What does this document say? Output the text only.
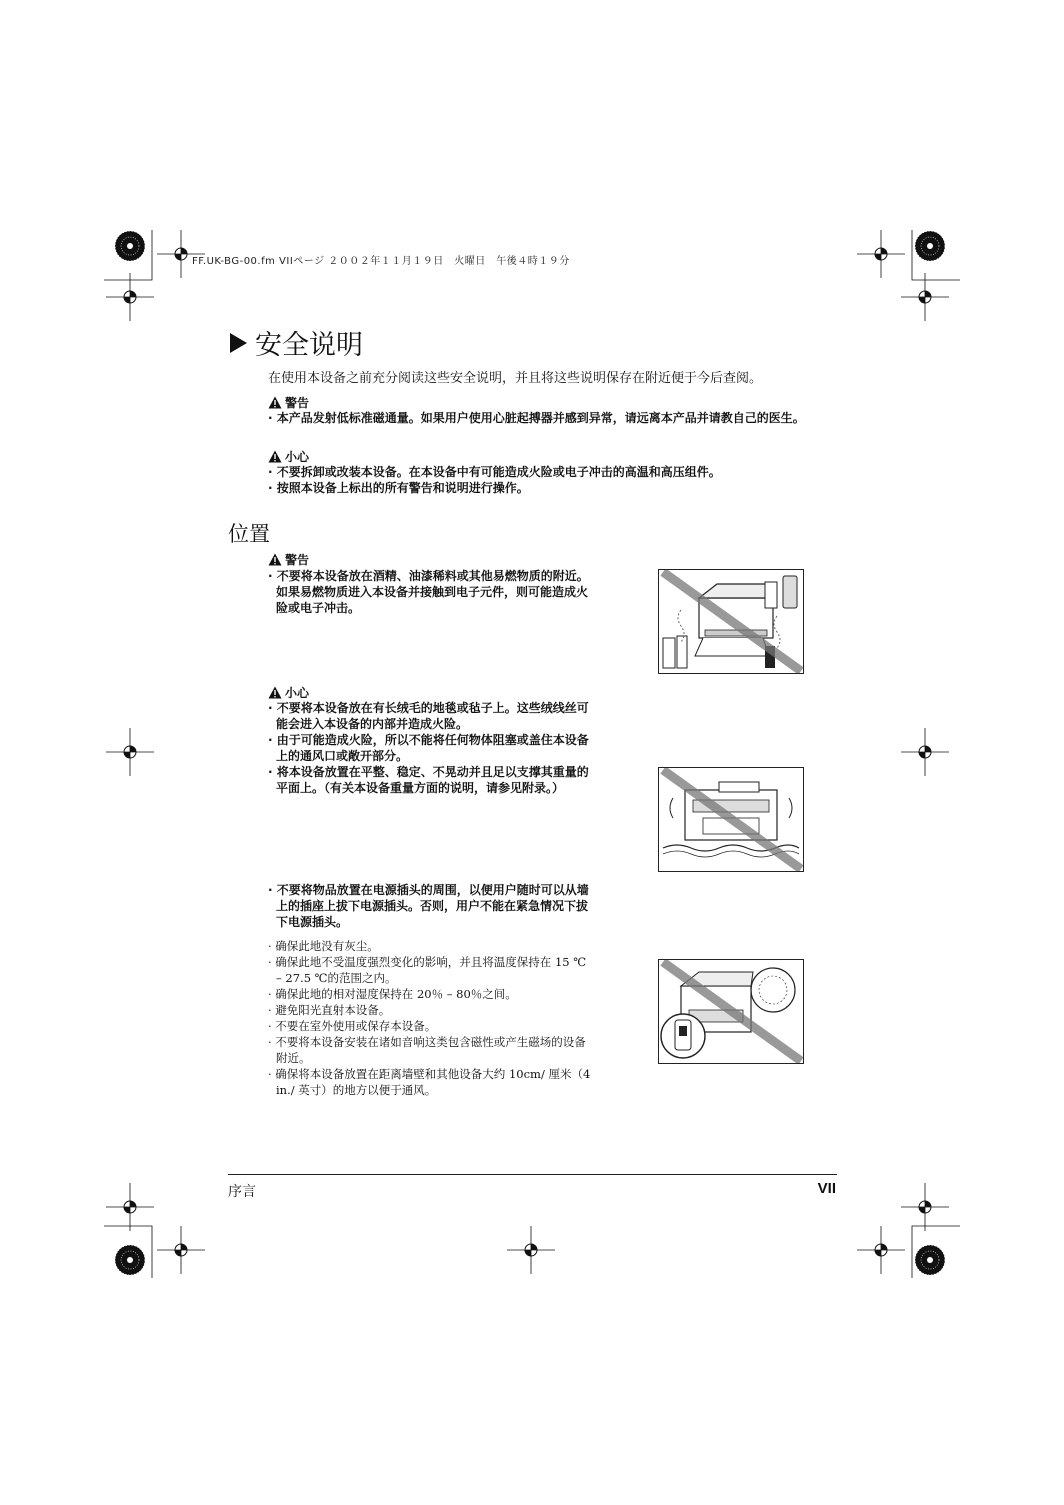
FF.UK-BG-00.fm VIIページ ２００２年１１月１９日　火曜日　午後４時１９分
安全说明
在使用本设备之前充分阅读这些安全说明，并且将这些说明保存在附近便于今后查阅。
警告
· 本产品发射低标准磁通量。如果用户使用心脏起搏器并感到异常，请远离本产品并请教自己的医生。
小心
· 不要拆卸或改装本设备。在本设备中有可能造成火险或电子冲击的高温和高压组件。
· 按照本设备上标出的所有警告和说明进行操作。
位置
警告
· 不要将本设备放在酒精、油漆稀料或其他易燃物质的附近。如果易燃物质进入本设备并接触到电子元件，则可能造成火险或电子冲击。
小心
· 不要将本设备放在有长绒毛的地毯或毡子上。这些绒线丝可能会进入本设备的内部并造成火险。
· 由于可能造成火险，所以不能将任何物体阻塞或盖住本设备上的通风口或敞开部分。
· 将本设备放置在平整、稳定、不晃动并且足以支撑其重量的平面上。（有关本设备重量方面的说明，请参见附录。）
· 不要将物品放置在电源插头的周围，以便用户随时可以从墙上的插座上拔下电源插头。否则，用户不能在紧急情况下拔下电源插头。
· 确保此地没有灰尘。
· 确保此地不受温度强烈变化的影响，并且将温度保持在 15 ℃ – 27.5 ℃的范围之内。
· 确保此地的相对湿度保持在 20％ – 80％之间。
· 避免阳光直射本设备。
· 不要在室外使用或保存本设备。
· 不要将本设备安装在诸如音响这类包含磁性或产生磁场的设备附近。
· 确保将本设备放置在距离墙壁和其他设备大约 10cm/ 厘米（4 in./ 英寸）的地方以便于通风。
序言	VII
